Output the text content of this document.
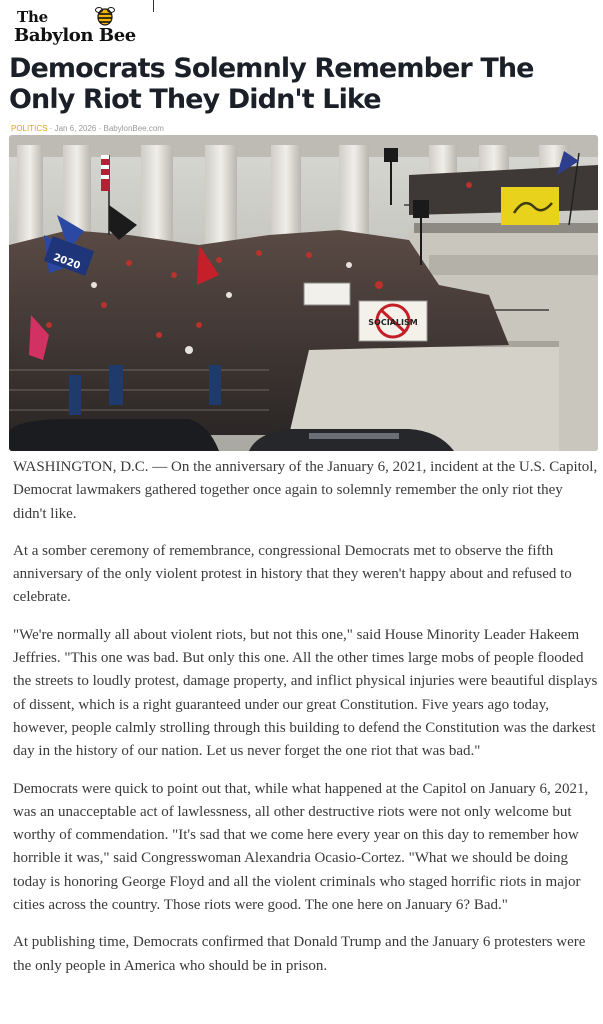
The
Babylon Bee
Democrats Solemnly Remember The Only Riot They Didn't Like
POLITICS · Jan 6, 2026 · BabylonBee.com
2020
SOCIALISM

WASHINGTON, D.C. — On the anniversary of the January 6, 2021, incident at the U.S. Capitol, Democrat lawmakers gathered together once again to solemnly remember the only riot they didn't like.

At a somber ceremony of remembrance, congressional Democrats met to observe the fifth anniversary of the only violent protest in history that they weren't happy about and refused to celebrate.

"We're normally all about violent riots, but not this one," said House Minority Leader Hakeem Jeffries. "This one was bad. But only this one. All the other times large mobs of people flooded the streets to loudly protest, damage property, and inflict physical injuries were beautiful displays of dissent, which is a right guaranteed under our great Constitution. Five years ago today, however, people calmly strolling through this building to defend the Constitution was the darkest day in the history of our nation. Let us never forget the one riot that was bad."

Democrats were quick to point out that, while what happened at the Capitol on January 6, 2021, was an unacceptable act of lawlessness, all other destructive riots were not only welcome but worthy of commendation. "It's sad that we come here every year on this day to remember how horrible it was," said Congresswoman Alexandria Ocasio-Cortez. "What we should be doing today is honoring George Floyd and all the violent criminals who staged horrific riots in major cities across the country. Those riots were good. The one here on January 6? Bad."

At publishing time, Democrats confirmed that Donald Trump and the January 6 protesters were the only people in America who should be in prison.
